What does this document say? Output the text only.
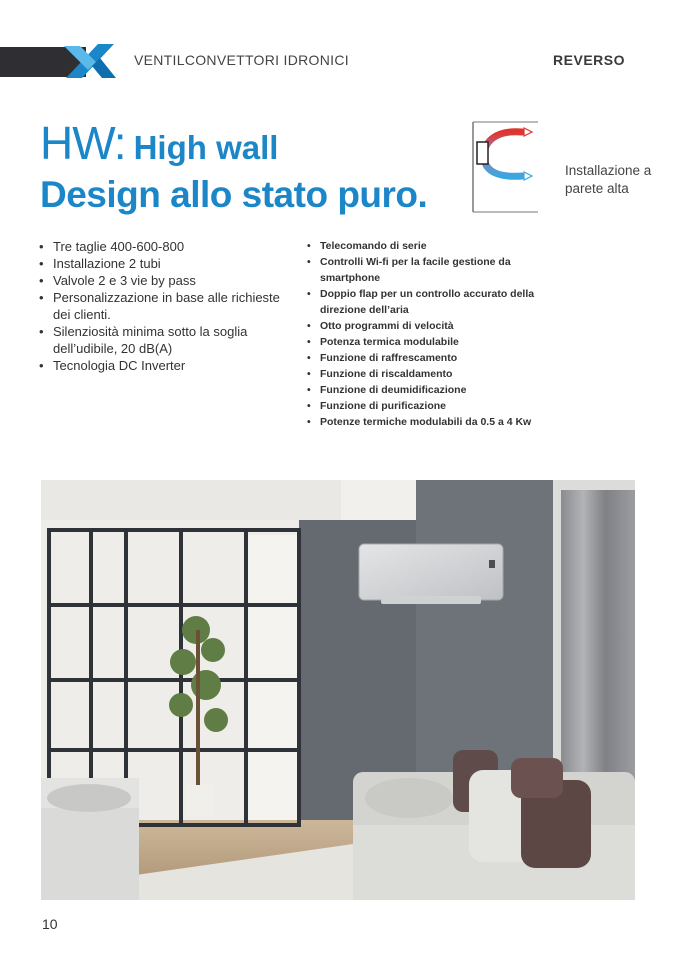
VENTILCONVETTORI IDRONICI	REVERSO
HW: High wall
Design allo stato puro.
Installazione a parete alta
• Tre taglie 400-600-800
• Installazione 2 tubi
• Valvole 2 e 3 vie by pass
• Personalizzazione in base alle richieste dei clienti.
• Silenziosità minima sotto la soglia dell’udibile, 20 dB(A)
• Tecnologia DC Inverter
• Telecomando di serie
• Controlli Wi-fi per la facile gestione da smartphone
• Doppio flap per un controllo accurato della direzione dell’aria
• Otto programmi di velocità
• Potenza termica modulabile
• Funzione di raffrescamento
• Funzione di riscaldamento
• Funzione di deumidificazione
• Funzione di purificazione
• Potenze termiche modulabili da 0.5 a 4 Kw
10
